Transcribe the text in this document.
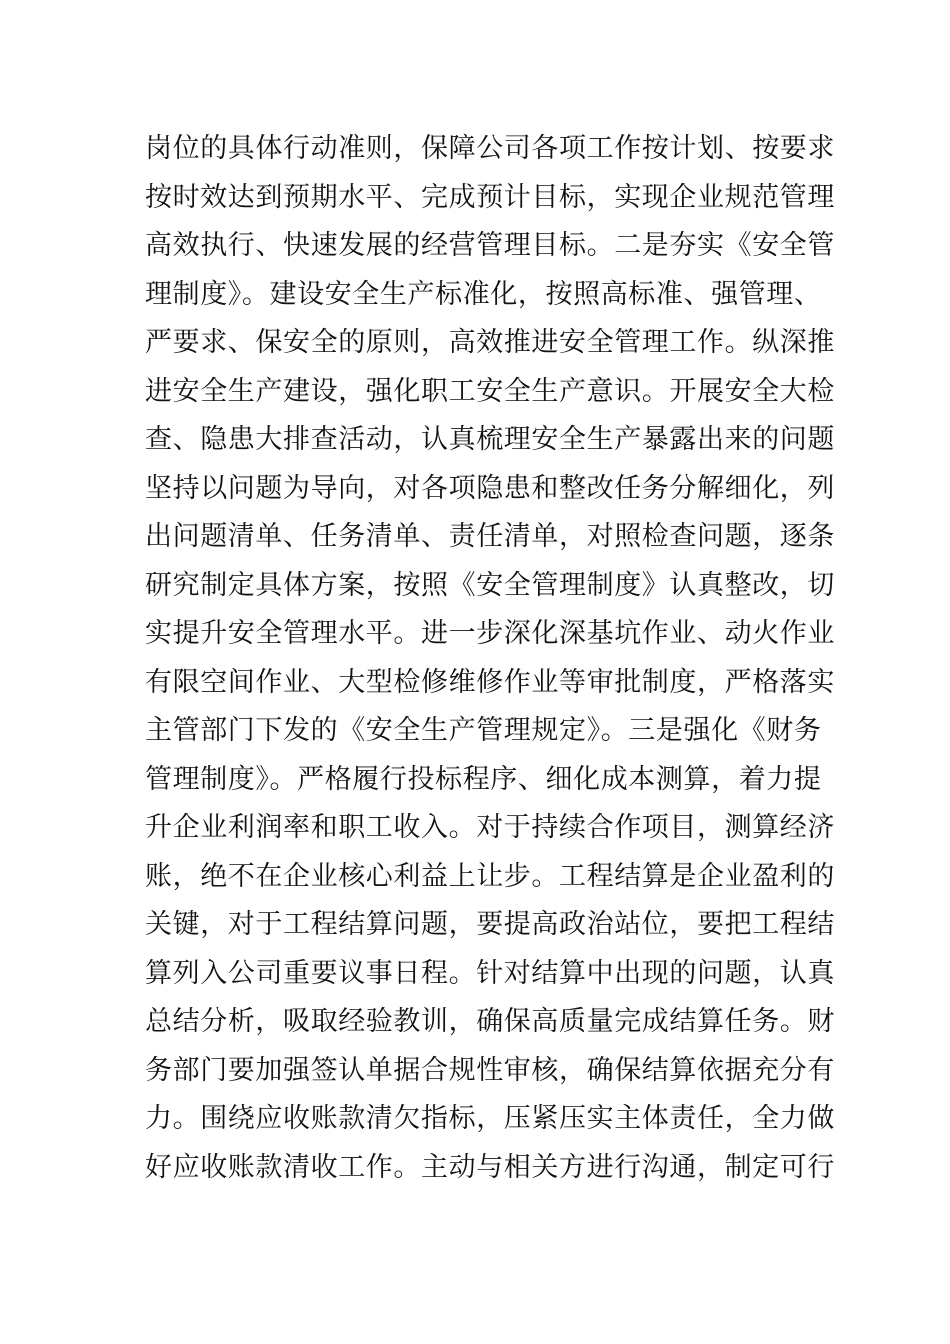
岗位的具体行动准则，保障公司各项工作按计划、按要求
按时效达到预期水平、完成预计目标，实现企业规范管理
高效执行、快速发展的经营管理目标。二是夯实《安全管
理制度》。建设安全生产标准化，按照高标准、强管理、
严要求、保安全的原则，高效推进安全管理工作。纵深推
进安全生产建设，强化职工安全生产意识。开展安全大检
查、隐患大排查活动，认真梳理安全生产暴露出来的问题
坚持以问题为导向，对各项隐患和整改任务分解细化，列
出问题清单、任务清单、责任清单，对照检查问题，逐条
研究制定具体方案，按照《安全管理制度》认真整改，切
实提升安全管理水平。进一步深化深基坑作业、动火作业
有限空间作业、大型检修维修作业等审批制度，严格落实
主管部门下发的《安全生产管理规定》。三是强化《财务
管理制度》。严格履行投标程序、细化成本测算，着力提
升企业利润率和职工收入。对于持续合作项目，测算经济
账，绝不在企业核心利益上让步。工程结算是企业盈利的
关键，对于工程结算问题，要提高政治站位，要把工程结
算列入公司重要议事日程。针对结算中出现的问题，认真
总结分析，吸取经验教训，确保高质量完成结算任务。财
务部门要加强签认单据合规性审核，确保结算依据充分有
力。围绕应收账款清欠指标，压紧压实主体责任，全力做
好应收账款清收工作。主动与相关方进行沟通，制定可行
